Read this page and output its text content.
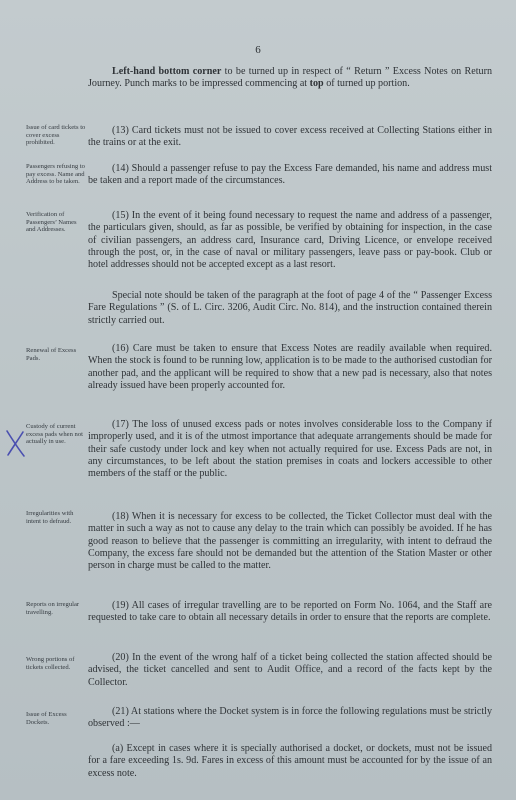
6

Left-hand bottom corner to be turned up in respect of “ Return ” Excess Notes on Return Journey. Punch marks to be impressed commencing at top of turned up portion.

Issue of card tickets to cover excess prohibited.

(13) Card tickets must not be issued to cover excess received at Collecting Stations either in the trains or at the exit.

Passengers refusing to pay excess. Name and Address to be taken.

(14) Should a passenger refuse to pay the Excess Fare demanded, his name and address must be taken and a report made of the circumstances.

Verification of Passengers’ Names and Addresses.

(15) In the event of it being found necessary to request the name and address of a passenger, the particulars given, should, as far as possible, be verified by obtaining for inspection, in the case of civilian passengers, an address card, Insurance card, Driving Licence, or envelope received through the post, or, in the case of naval or military passengers, leave pass or pay-book. Club or hotel addresses should not be accepted except as a last resort.

Special note should be taken of the paragraph at the foot of page 4 of the “ Passenger Excess Fare Regulations ” (S. of L. Circ. 3206, Audit Circ. No. 814), and the instruction contained therein strictly carried out.

Renewal of Excess Pads.

(16) Care must be taken to ensure that Excess Notes are readily available when required. When the stock is found to be running low, application is to be made to the authorised custodian for another pad, and the applicant will be required to show that a new pad is necessary, also that notes already issued have been properly accounted for.

Custody of current excess pads when not actually in use.

(17) The loss of unused excess pads or notes involves considerable loss to the Company if improperly used, and it is of the utmost importance that adequate arrangements should be made for their safe custody under lock and key when not actually required for use. Excess Pads are not, in any circumstances, to be left about the station premises in coats and lockers accessible to other members of the staff or the public.

Irregularities with intent to defraud.	(18) When it is necessary for excess to be collected, the Ticket Collector must deal with the matter in such a way as not to cause any delay to the train which can possibly be avoided. If he has good reason to believe that the passenger is committing an irregularity, with intent to defraud the Company, the excess fare should not be demanded but the attention of the Station Master or other person in charge must be called to the matter.

Reports on irregular travelling.

(19) All cases of irregular travelling are to be reported on Form No. 1064, and the Staff are requested to take care to obtain all necessary details in order to ensure that the reports are complete.

Wrong portions of tickets collected.

(20) In the event of the wrong half of a ticket being collected the station affected should be advised, the ticket cancelled and sent to Audit Office, and a record of the facts kept by the Collector.

Issue of Excess Dockets.

(21) At stations where the Docket system is in force the following regulations must be strictly observed :—

(a) Except in cases where it is specially authorised a docket, or dockets, must not be issued for a fare exceeding 1s. 9d. Fares in excess of this amount must be accounted for by the issue of an excess note.
